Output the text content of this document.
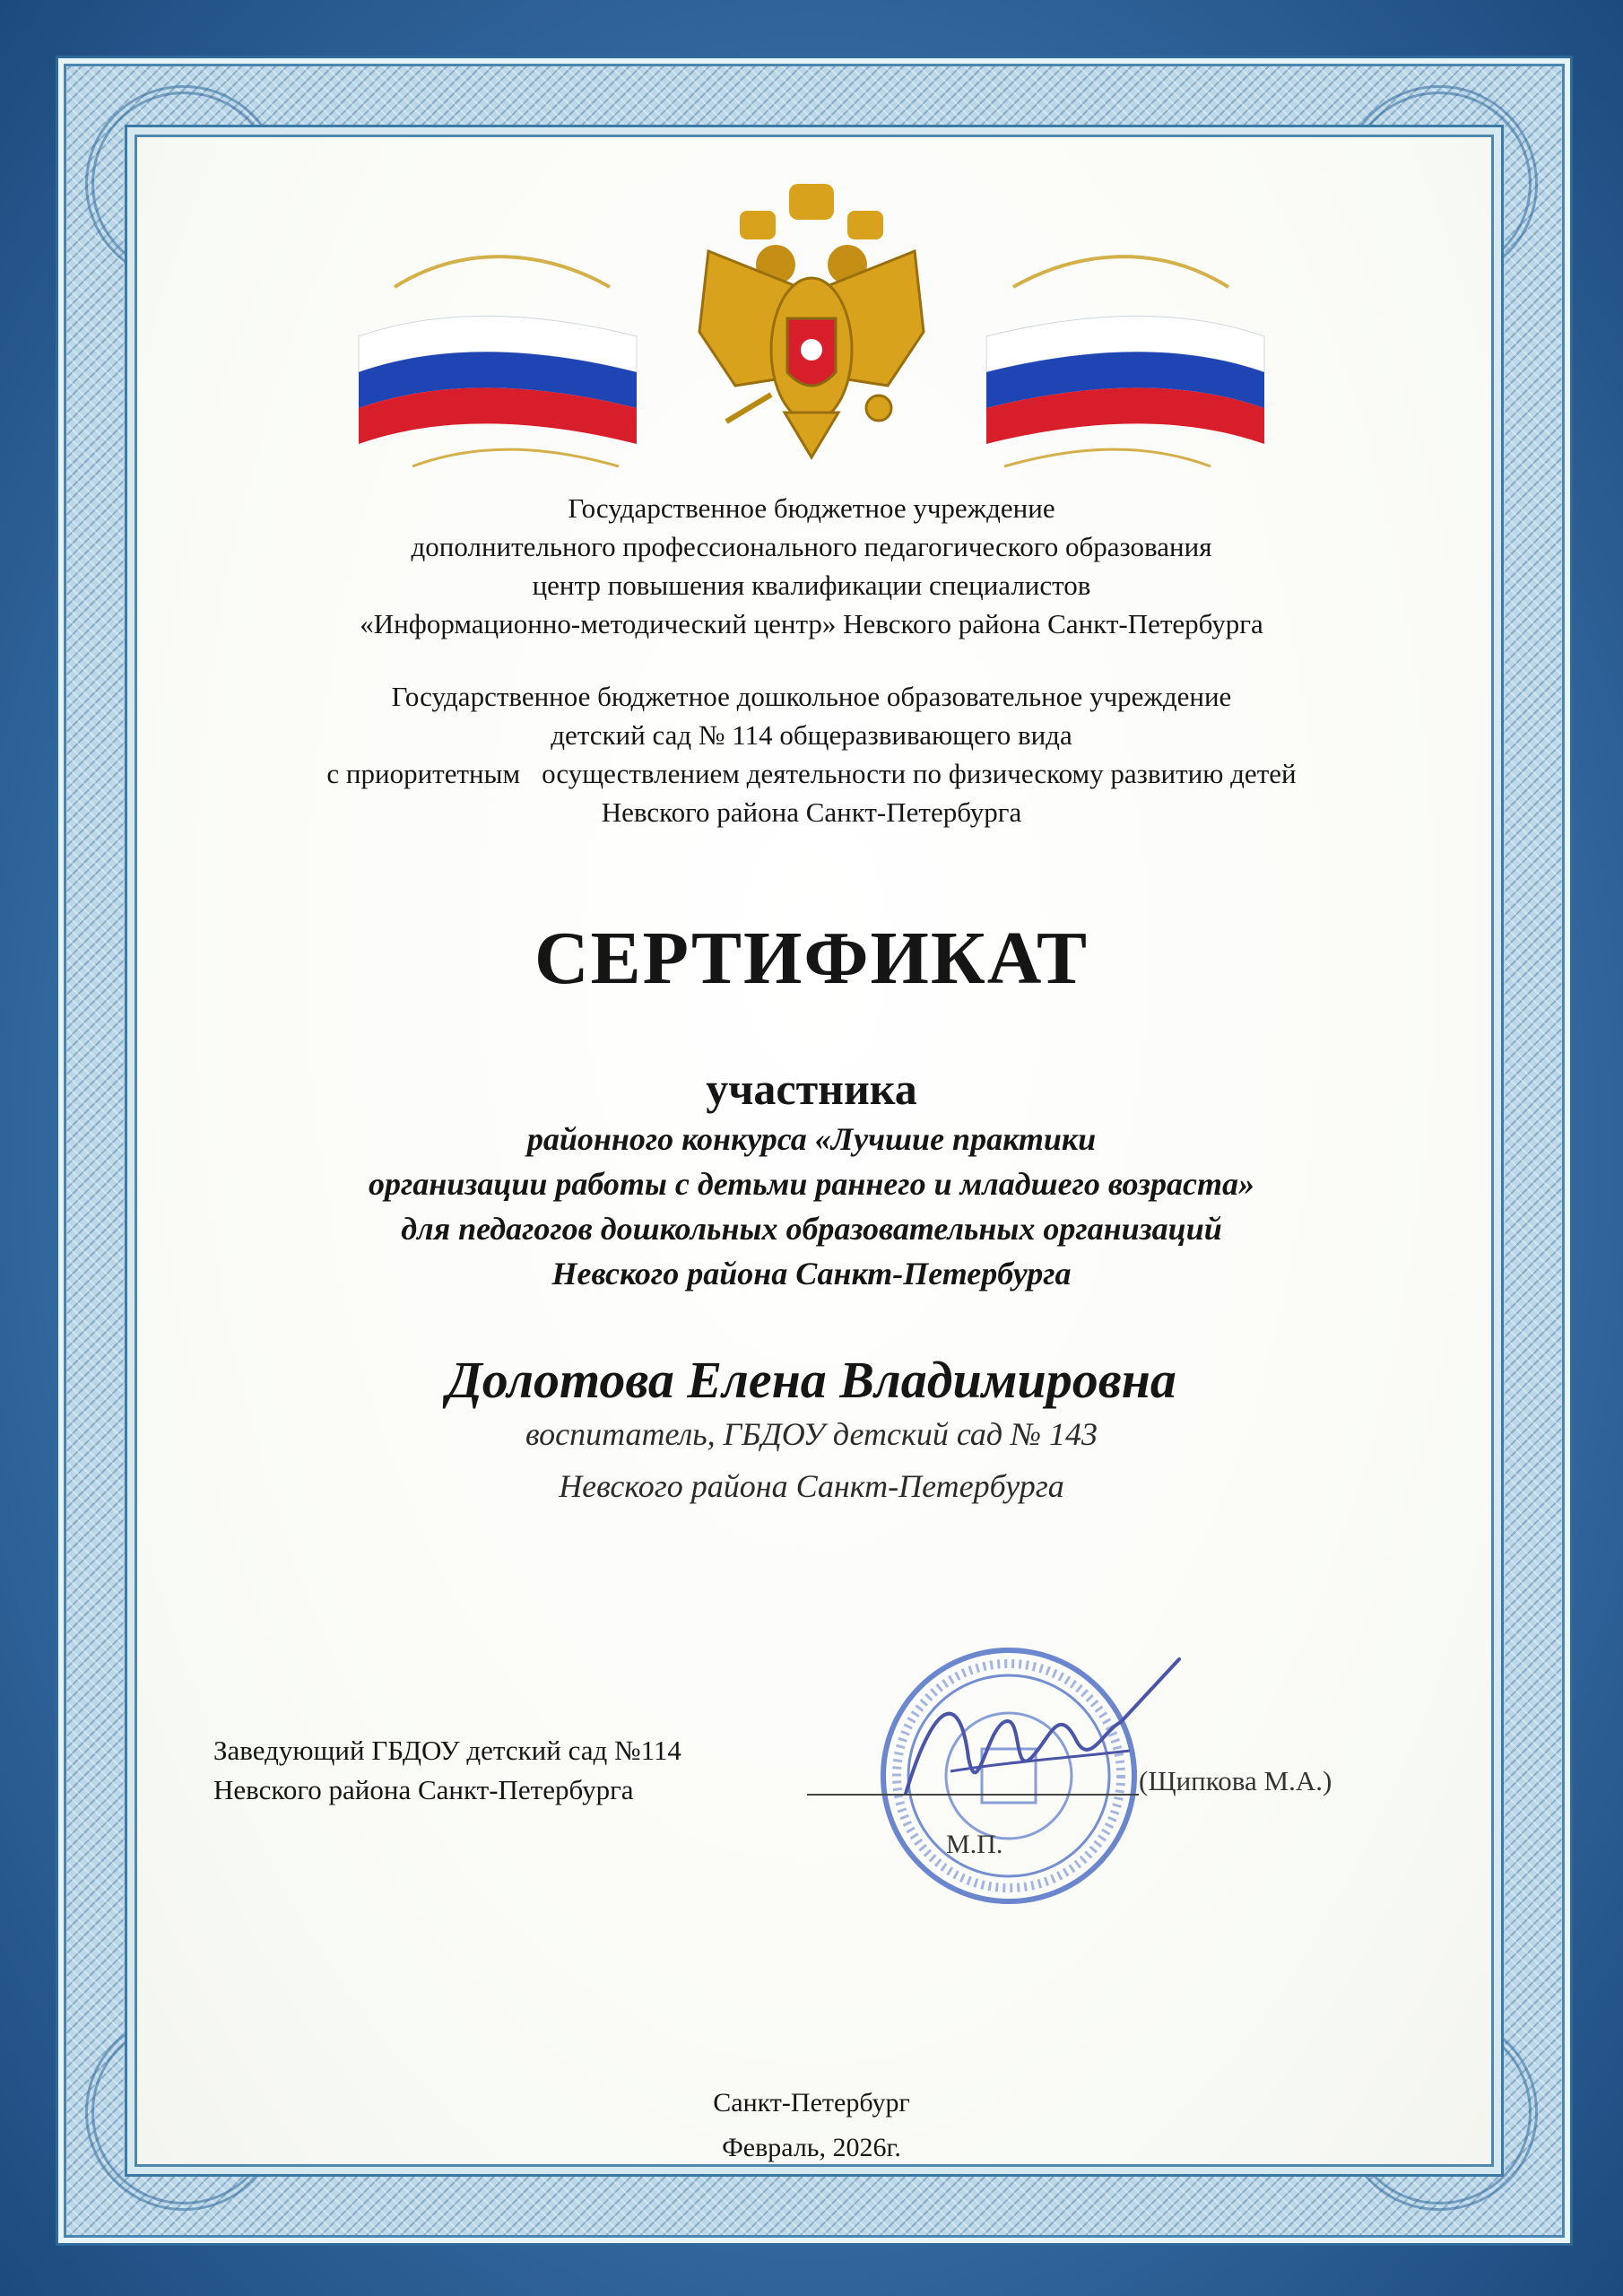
Государственное бюджетное учреждение
дополнительного профессионального педагогического образования
центр повышения квалификации специалистов
«Информационно-методический центр» Невского района Санкт-Петербурга
Государственное бюджетное дошкольное образовательное учреждение
детский сад № 114 общеразвивающего вида
с приоритетным осуществлением деятельности по физическому развитию детей
Невского района Санкт-Петербурга
СЕРТИФИКАТ
участника
районного конкурса «Лучшие практики
организации работы с детьми раннего и младшего возраста»
для педагогов дошкольных образовательных организаций
Невского района Санкт-Петербурга
Долотова Елена Владимировна
воспитатель, ГБДОУ детский сад № 143
Невского района Санкт-Петербурга
Заведующий ГБДОУ детский сад №114
Невского района Санкт-Петербурга	(Щипкова М.А.)
М.П.
Санкт-Петербург
Февраль, 2026г.
